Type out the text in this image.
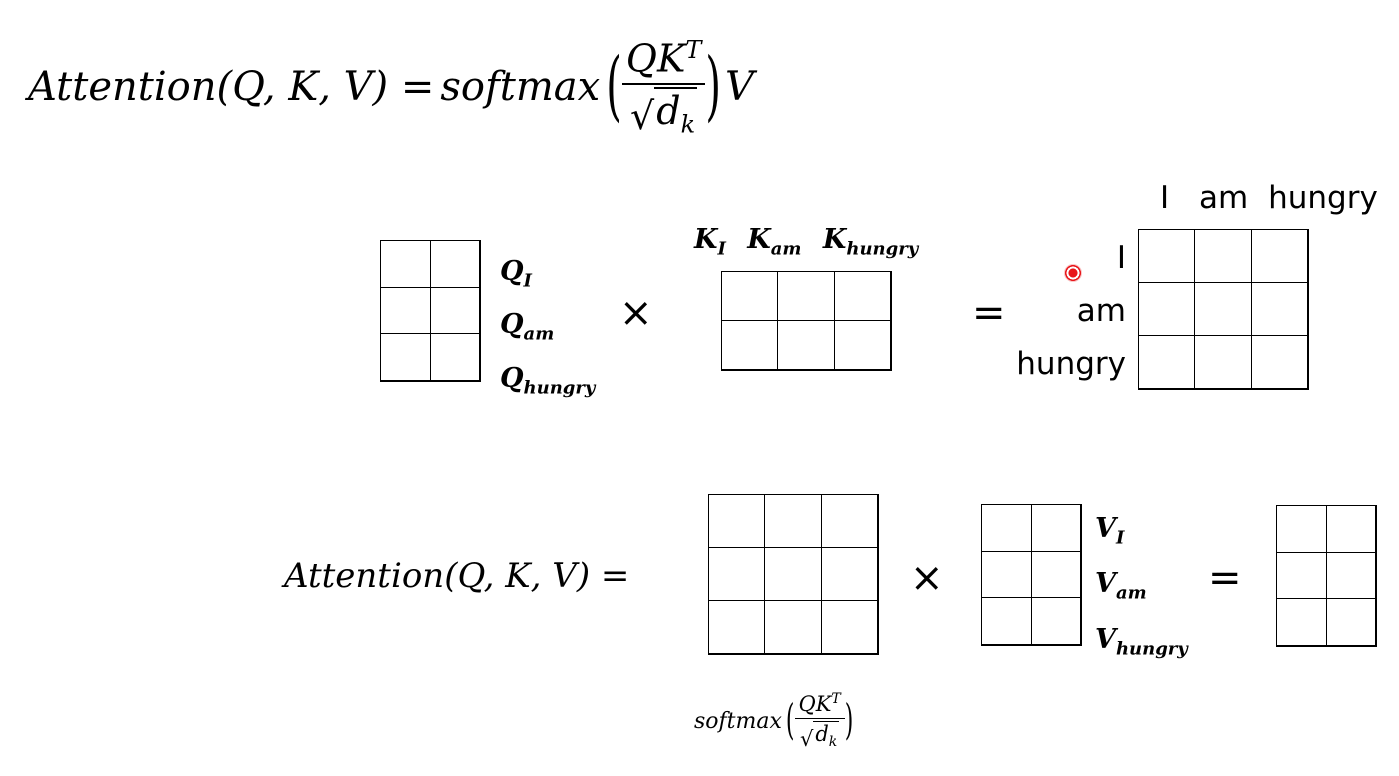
Attention(Q, K, V) = softmax ( $\frac{QK^T}{√ d_k}$ ) V
$Q_I$
$Q_{am}$
$Q_{hungry}$
×
$K_I$ $K_{am}$ $K_{hungry}$
=
I am hungry
I
am
hungry
Attention(Q, K, V) =
softmax ( $\frac{QK^T}{√ d_k}$ )
×
$V_I$
$V_{am}$
$V_{hungry}$
=
